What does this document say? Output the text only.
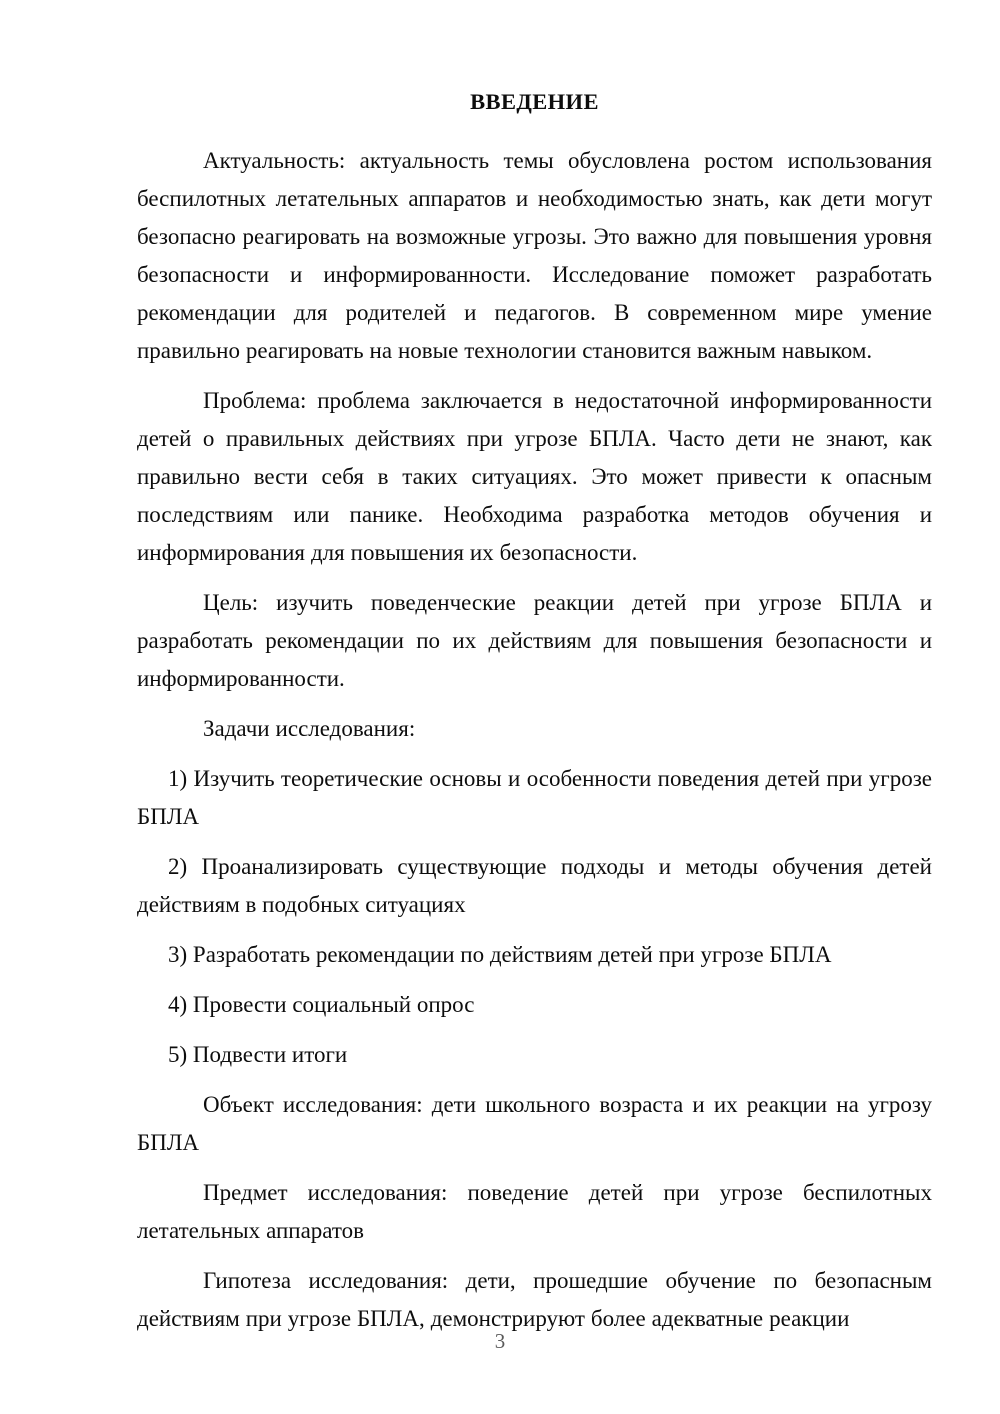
ВВЕДЕНИЕ

Актуальность: актуальность темы обусловлена ростом использования беспилотных летательных аппаратов и необходимостью знать, как дети могут безопасно реагировать на возможные угрозы. Это важно для повышения уровня безопасности и информированности. Исследование поможет разработать рекомендации для родителей и педагогов. В современном мире умение правильно реагировать на новые технологии становится важным навыком.

Проблема: проблема заключается в недостаточной информированности детей о правильных действиях при угрозе БПЛА. Часто дети не знают, как правильно вести себя в таких ситуациях. Это может привести к опасным последствиям или панике. Необходима разработка методов обучения и информирования для повышения их безопасности.

Цель: изучить поведенческие реакции детей при угрозе БПЛА и разработать рекомендации по их действиям для повышения безопасности и информированности.

Задачи исследования:

1) Изучить теоретические основы и особенности поведения детей при угрозе БПЛА

2) Проанализировать существующие подходы и методы обучения детей действиям в подобных ситуациях

3) Разработать рекомендации по действиям детей при угрозе БПЛА

4) Провести социальный опрос

5) Подвести итоги

Объект исследования: дети школьного возраста и их реакции на угрозу БПЛА

Предмет исследования: поведение детей при угрозе беспилотных летательных аппаратов

Гипотеза исследования: дети, прошедшие обучение по безопасным действиям при угрозе БПЛА, демонстрируют более адекватные реакции

3
